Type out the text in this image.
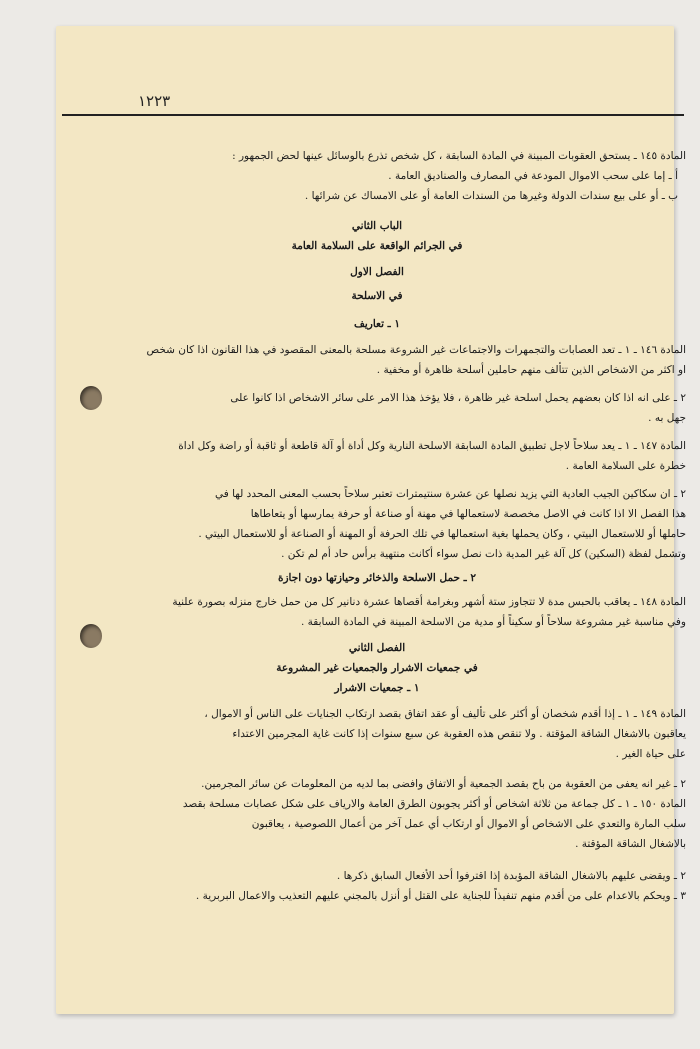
١٢٢٣

المادة ١٤٥ ـ يستحق العقوبات المبينة في المادة السابقة ، كل شخص تذرع بالوسائل عينها لحض الجمهور :

أ ـ إما على سحب الاموال المودعة في المصارف والصناديق العامة .

ب ـ أو على بيع سندات الدولة وغيرها من السندات العامة أو على الامساك عن شرائها .

الباب الثاني

في الجرائم الواقعة على السلامة العامة

الفصل الاول

في الاسلحة

١ ـ تعاريف

المادة ١٤٦ ـ ١ ـ تعد العصابات والتجمهرات والاجتماعات غير الشروعة مسلحة بالمعنى المقصود في هذا القانون اذا كان شخص

او اكثر من الاشخاص الذين تتألف منهم حاملين أسلحة ظاهرة أو مخفية .

٢ ـ على انه اذا كان بعضهم يحمل اسلحة غير ظاهرة ، فلا يؤخذ هذا الامر على سائر الاشخاص اذا كانوا على

جهل به .

المادة ١٤٧ ـ ١ ـ يعد سلاحاً لاجل تطبيق المادة السابقة الاسلحة النارية وكل أداة أو آلة قاطعة أو ثاقبة أو راضة وكل اداة

خطرة على السلامة العامة .

٢ ـ ان سكاكين الجيب العادية التي يزيد نصلها عن عشرة سنتيمترات تعتبر سلاحاً بحسب المعنى المحدد لها في

هذا الفصل الا اذا كانت في الاصل مخصصة لاستعمالها في مهنة أو صناعة أو حرفة يمارسها أو يتعاطاها

حاملها أو للاستعمال البيتي ، وكان يحملها بغية استعمالها في تلك الحرفة أو المهنة أو الصناعة أو للاستعمال البيتي .

وتشمل لفظة (السكين) كل آلة غير المدية ذات نصل سواء أكانت منتهية برأس حاد أم لم تكن .

٢ ـ حمل الاسلحة والذخائر وحيازتها دون اجازة

المادة ١٤٨ ـ يعاقب بالحبس مدة لا تتجاوز ستة أشهر وبغرامة أقصاها عشرة دنانير كل من حمل خارج منزله بصورة علنية

وفي مناسبة غير مشروعة سلاحاً أو سكيناً أو مدية من الاسلحة المبينة في المادة السابقة .

الفصل الثاني

في جمعيات الاشرار والجمعيات غير المشروعة

١ ـ جمعيات الاشرار

المادة ١٤٩ ـ ١ ـ إذا أقدم شخصان أو أكثر على تأليف أو عقد اتفاق بقصد ارتكاب الجنايات على الناس أو الاموال ،

يعاقبون بالاشغال الشاقة المؤقتة . ولا تنقص هذه العقوبة عن سبع سنوات إذا كانت غاية المجرمين الاعتداء

على حياة الغير .

٢ ـ غير انه يعفى من العقوبة من باح بقصد الجمعية أو الاتفاق وافضى بما لديه من المعلومات عن سائر المجرمين.

المادة ١٥٠ ـ ١ ـ كل جماعة من ثلاثة اشخاص أو أكثر يجوبون الطرق العامة والارياف على شكل عصابات مسلحة بقصد

سلب المارة والتعدي على الاشخاص أو الاموال أو ارتكاب أي عمل آخر من أعمال اللصوصية ، يعاقبون

بالاشغال الشاقة المؤقتة .

٢ ـ ويقضى عليهم بالاشغال الشاقة المؤبدة إذا اقترفوا أحد الأفعال السابق ذكرها .

٣ ـ ويحكم بالاعدام على من أقدم منهم تنفيذاً للجناية على القتل أو أنزل بالمجني عليهم التعذيب والاعمال البربرية .
